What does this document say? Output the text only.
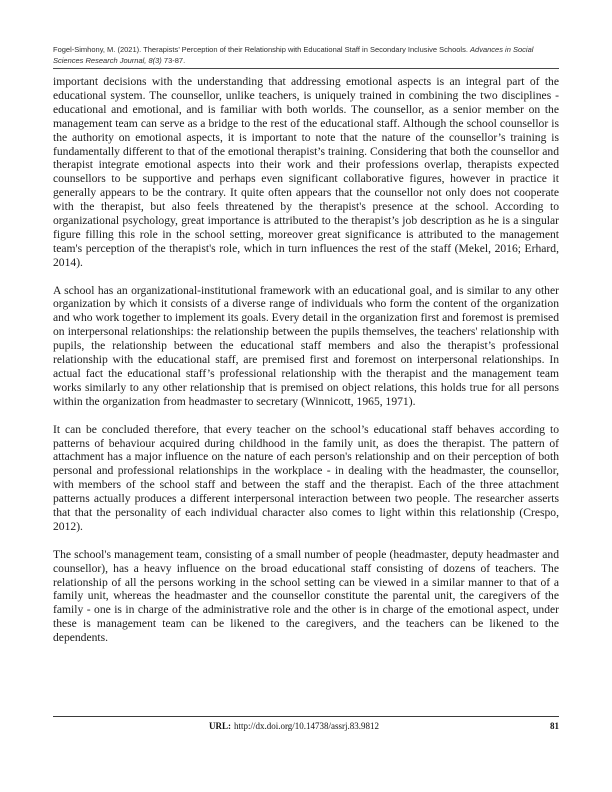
Fogel-Simhony, M. (2021). Therapists’ Perception of their Relationship with Educational Staff in Secondary Inclusive Schools. Advances in Social Sciences Research Journal, 8(3) 73-87.

important decisions with the understanding that addressing emotional aspects is an integral part of the educational system. The counsellor, unlike teachers, is uniquely trained in combining the two disciplines - educational and emotional, and is familiar with both worlds. The counsellor, as a senior member on the management team can serve as a bridge to the rest of the educational staff. Although the school counsellor is the authority on emotional aspects, it is important to note that the nature of the counsellor’s training is fundamentally different to that of the emotional therapist’s training. Considering that both the counsellor and therapist integrate emotional aspects into their work and their professions overlap, therapists expected counsellors to be supportive and perhaps even significant collaborative figures, however in practice it generally appears to be the contrary. It quite often appears that the counsellor not only does not cooperate with the therapist, but also feels threatened by the therapist's presence at the school. According to organizational psychology, great importance is attributed to the therapist’s job description as he is a singular figure filling this role in the school setting, moreover great significance is attributed to the management team's perception of the therapist's role, which in turn influences the rest of the staff (Mekel, 2016; Erhard, 2014).

A school has an organizational-institutional framework with an educational goal, and is similar to any other organization by which it consists of a diverse range of individuals who form the content of the organization and who work together to implement its goals. Every detail in the organization first and foremost is premised on interpersonal relationships: the relationship between the pupils themselves, the teachers' relationship with pupils, the relationship between the educational staff members and also the therapist’s professional relationship with the educational staff, are premised first and foremost on interpersonal relationships. In actual fact the educational staff’s professional relationship with the therapist and the management team works similarly to any other relationship that is premised on object relations, this holds true for all persons within the organization from headmaster to secretary (Winnicott, 1965, 1971).

It can be concluded therefore, that every teacher on the school’s educational staff behaves according to patterns of behaviour acquired during childhood in the family unit, as does the therapist. The pattern of attachment has a major influence on the nature of each person's relationship and on their perception of both personal and professional relationships in the workplace - in dealing with the headmaster, the counsellor, with members of the school staff and between the staff and the therapist. Each of the three attachment patterns actually produces a different interpersonal interaction between two people. The researcher asserts that that the personality of each individual character also comes to light within this relationship (Crespo, 2012).

The school's management team, consisting of a small number of people (headmaster, deputy headmaster and counsellor), has a heavy influence on the broad educational staff consisting of dozens of teachers. The relationship of all the persons working in the school setting can be viewed in a similar manner to that of a family unit, whereas the headmaster and the counsellor constitute the parental unit, the caregivers of the family - one is in charge of the administrative role and the other is in charge of the emotional aspect, under these is management team can be likened to the caregivers, and the teachers can be likened to the dependents.

URL: http://dx.doi.org/10.14738/assrj.83.9812	81
